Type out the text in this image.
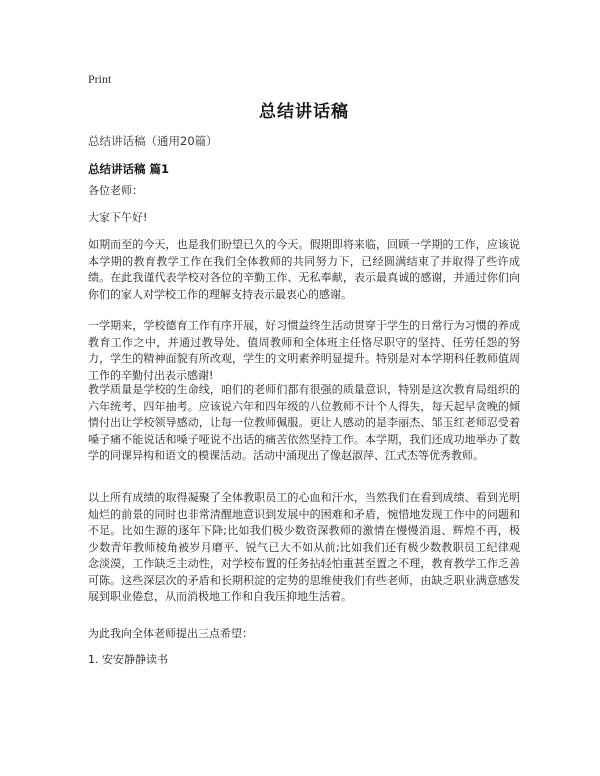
Print
总结讲话稿
总结讲话稿（通用20篇）
总结讲话稿 篇1

各位老师：

大家下午好!

如期而至的今天，也是我们盼望已久的今天。假期即将来临，回顾一学期的工作，应该说本学期的教育教学工作在我们全体教师的共同努力下，已经圆满结束了并取得了些许成绩。在此我谨代表学校对各位的辛勤工作、无私奉献，表示最真诚的感谢，并通过你们向你们的家人对学校工作的理解支持表示最衷心的感谢。

一学期来，学校德育工作有序开展，好习惯益终生活动贯穿于学生的日常行为习惯的养成教育工作之中，并通过教导处、值周教师和全体班主任恪尽职守的坚持、任劳任怨的努力，学生的精神面貌有所改观，学生的文明素养明显提升。特别是对本学期科任教师值周工作的辛勤付出表示感谢!

教学质量是学校的生命线，咱们的老师们都有很强的质量意识，特别是这次教育局组织的六年统考、四年抽考。应该说六年和四年级的八位教师不计个人得失，每天起早贪晚的倾情付出让学校领导感动，让每一位教师佩服。更让人感动的是李丽杰、邹玉红老师忍受着嗓子痛不能说话和嗓子哑说不出话的痛苦依然坚持工作。本学期，我们还成功地举办了数学的同课异构和语文的模课活动。活动中涌现出了像赵淑萍、江式杰等优秀教师。

以上所有成绩的取得凝聚了全体教职员工的心血和汗水，当然我们在看到成绩、看到光明灿烂的前景的同时也非常清醒地意识到发展中的困难和矛盾，惋惜地发现工作中的问题和不足。比如生源的逐年下降;比如我们极少数资深教师的激情在慢慢消退、辉煌不再，极少数青年教师棱角被岁月磨平、锐气已大不如从前;比如我们还有极少数教职员工纪律观念淡漠，工作缺乏主动性，对学校布置的任务拈轻怕重甚至置之不理，教育教学工作乏善可陈。这些深层次的矛盾和长期积淀的定势的思维使我们有些老师，由缺乏职业满意感发展到职业倦怠，从而消极地工作和自我压抑地生活着。

为此我向全体老师提出三点希望：

1. 安安静静读书
